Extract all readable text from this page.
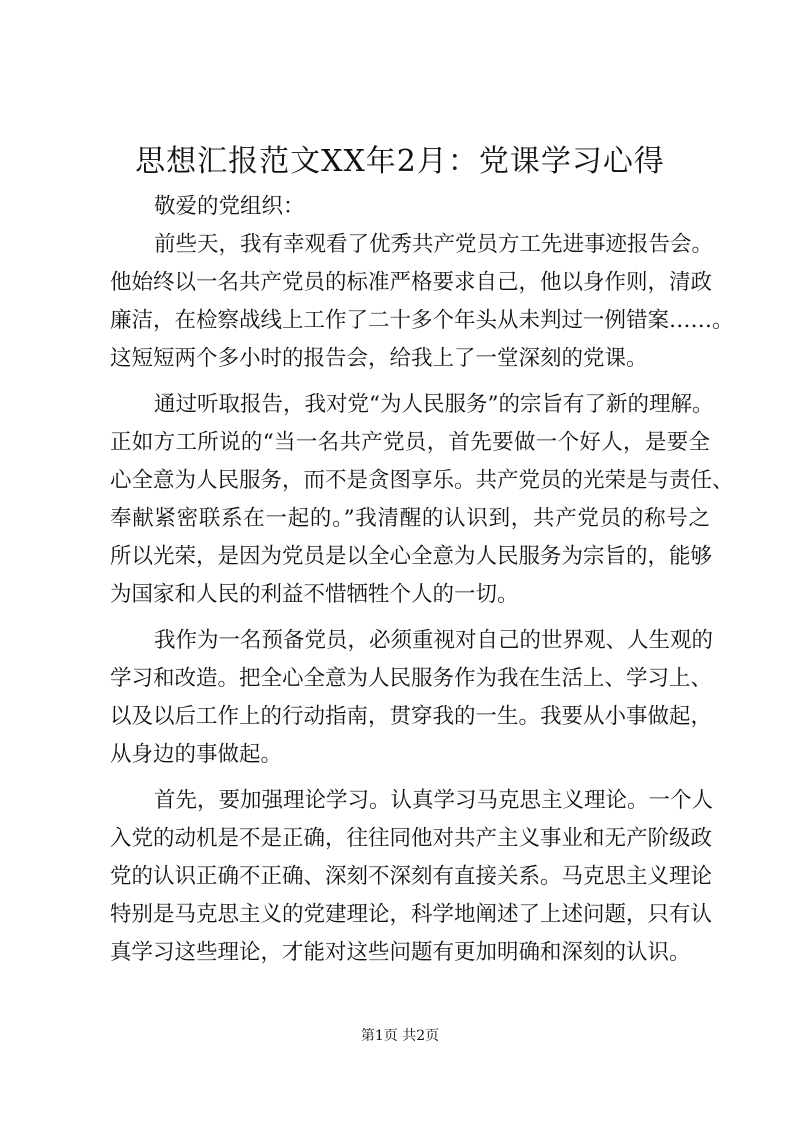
思想汇报范文XX年2月：党课学习心得
敬爱的党组织：
前些天，我有幸观看了优秀共产党员方工先进事迹报告会。
他始终以一名共产党员的标准严格要求自己，他以身作则，清政
廉洁，在检察战线上工作了二十多个年头从未判过一例错案……。
这短短两个多小时的报告会，给我上了一堂深刻的党课。
通过听取报告，我对党“为人民服务”的宗旨有了新的理解。
正如方工所说的“当一名共产党员，首先要做一个好人，是要全
心全意为人民服务，而不是贪图享乐。共产党员的光荣是与责任、
奉献紧密联系在一起的。”我清醒的认识到，共产党员的称号之
所以光荣，是因为党员是以全心全意为人民服务为宗旨的，能够
为国家和人民的利益不惜牺牲个人的一切。
我作为一名预备党员，必须重视对自己的世界观、人生观的
学习和改造。把全心全意为人民服务作为我在生活上、学习上、
以及以后工作上的行动指南，贯穿我的一生。我要从小事做起，
从身边的事做起。
首先，要加强理论学习。认真学习马克思主义理论。一个人
入党的动机是不是正确，往往同他对共产主义事业和无产阶级政
党的认识正确不正确、深刻不深刻有直接关系。马克思主义理论
特别是马克思主义的党建理论，科学地阐述了上述问题，只有认
真学习这些理论，才能对这些问题有更加明确和深刻的认识。
第1页 共2页
